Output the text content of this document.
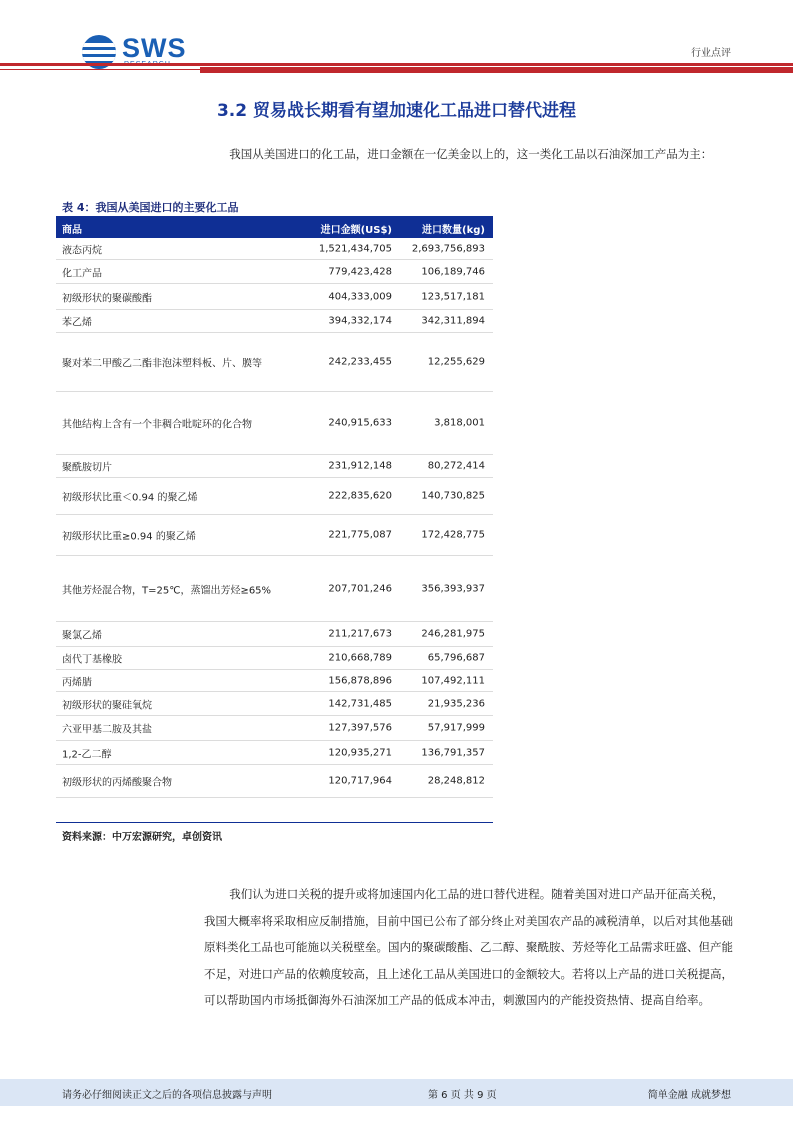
SWS	行业点评
3.2 贸易战长期看有望加速化工品进口替代进程
我国从美国进口的化工品，进口金额在一亿美金以上的，这一类化工品以石油深加工产品为主：
表 4：我国从美国进口的主要化工品
商品	进口金额(US$)	进口数量(kg)
液态丙烷	1,521,434,705 2,693,756,893
化工产品	779,423,428	106,189,746
初级形状的聚碳酸酯	404,333,009	123,517,181
苯乙烯	394,332,174	342,311,894
聚对苯二甲酸乙二酯非泡沫塑料板、片、膜等	242,233,455	12,255,629
其他结构上含有一个非稠合吡啶环的化合物	240,915,633	3,818,001
聚酰胺切片	231,912,148	80,272,414
初级形状比重＜0.94 的聚乙烯	222,835,620	140,730,825
初级形状比重≥0.94 的聚乙烯	221,775,087	172,428,775
其他芳烃混合物，T=25℃，蒸馏出芳烃≥65%	207,701,246	356,393,937
聚氯乙烯	211,217,673	246,281,975
卤代丁基橡胶	210,668,789	65,796,687
丙烯腈	156,878,896	107,492,111
初级形状的聚硅氧烷	142,731,485	21,935,236
六亚甲基二胺及其盐	127,397,576	57,917,999
1,2-乙二醇	120,935,271	136,791,357
初级形状的丙烯酸聚合物	120,717,964	28,248,812
资料来源：中万宏源研究，卓创资讯
我们认为进口关税的提升或将加速国内化工品的进口替代进程。随着美国对进口产品开征高关税，我国大概率将采取相应反制措施，目前中国已公布了部分终止对美国农产品的减税清单，以后对其他基础原料类化工品也可能施以关税壁垒。国内的聚碳酸酯、乙二醇、聚酰胺、芳烃等化工品需求旺盛、但产能不足，对进口产品的依赖度较高，且上述化工品从美国进口的金额较大。若将以上产品的进口关税提高，可以帮助国内市场抵御海外石油深加工产品的低成本冲击，刺激国内的产能投资热情、提高自给率。
请务必仔细阅读正文之后的各项信息披露与声明	第 6 页 共 9 页	简单金融 成就梦想
